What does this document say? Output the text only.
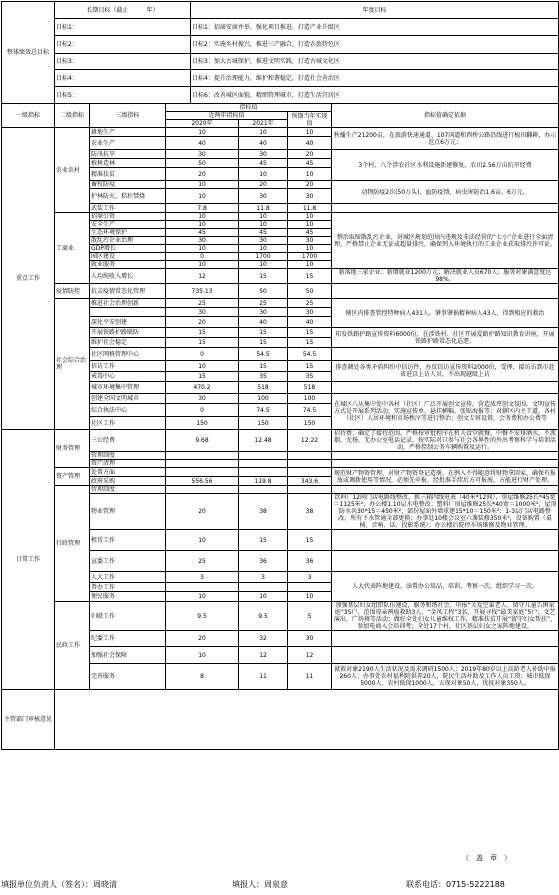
整体绩效总目标	长期目标（截止　　　年）			年度目标			
	目标1：			目标1：招商安商并举，强化项目推进，打造产业升级区			
	目标2：			目标2：实施乡村振兴，推进三产融合，打造农旅特色区			
	目标3：			目标3：加大古城保护，推进文明实践，打造古城文化区			
	目标4：			目标4：提升治理能力，维护和谐稳定，打造社会善治区			
	目标5：			目标6：改善城区面貌，精细管理城市，打造生活宜居区			
一级指标	二级指标	三级指标	指标值				指标值确定依据
			近两年指标值			预期当年实现值	
			2020年		2021年		
重点工作	农业农村	耕地生产	10		10	10	秋播生产21200亩，在旅游快速通道、107国道和西桥公路沿线进行植田翻耕，办示范点6万元；
		农业生产	40		40	40	
		防汛抗旱	30		30	20	3个村、八个涉农社区水利设施新建修复，农田2.56万亩抗旱经费
		植树造林	50		45	45	
		精准扶贫	20		10	10	
		畜牧防疫	10		20	20	动物防疫2次(50万头)，血防疫情，病虫害防治1.6亩，6万元。
		护林防火、秸秆禁烧	10		30	30	
		武装工作	7.8		11.8	11.8	
	工商业	招商引资	10		10	10	整治取缔散乱污企业，对城区规划范围内违规及非法经营的“七小”企业进行全面清理，严格禁止企业无证或超量排污，确保列入环境执行的工业企业获取排污许可证。
		安全生产	10		10	10	
		生态环境保护	45		45	45	
		散乱污企业治理	30		30	30	
		GDP增长	10		10	10	
		园区建设	0		1700	1700	
		就业服务	10		10	10	
		人均纯收入增长	12		15	15	新落地三家企业；新增就业1200万元；解决就业人员670人；服务对象满意度达98%。
	疫情防控	抗击疫情常态化管理	735.13		50	50	
	社会综合治理	推进社会治理创新	25		25	25	辖区内排查管控特种病人431人，肇事肇祸精神病人43人，得到相应的救治
			30		30	30	
		深化平安创建	20		40	40	
		开展铁路护路联防	15		15	15	印发铁路护路宣传资料6000份，在涉铁村、社区开展爱路护路知识教育讲座，开展铁路护路常态化巡逻。
		维护社会稳定	15		15	15	
		社区网格管理中心	0		54.5	54.5	
		信访工作	10		15	15	排查调处各类矛盾纠纷中信访件，办反信访宣传资料2000份，受理、接访访到市赴省进京上访人员，不出现越级上访
		戒毒中心	15		35	35	
		城市环境集中管理	470.2		518	518	
		创建全国文明城市	30		100	100	在城区八从集中处中各村（社区）广泛开展创文宣传，营造浓厚创文氛围。文明宣传方式是开展系列活动，实施宣传单、悬挂横幅、张贴海报等；对辖区内主干道、各村（社区）人居环境和市场秩序等进行整治；创文专班设置，会务费和办公费等
		综合执法中心	0		74.5	74.5	
		社区工作	150		150	150	
日常工作	财务管理	三公经费	9.68		12.48	12.22	招待费：确定了接待范围，严格按审批程序在机关食堂就餐，中餐不安排酒水，不派烟，无扬，无办公室电话记录，按实际对口参与社会各界性的外出考察科学与培训活动，严格控制公务车辆购置及运行。
		管理制度					
		资产清理					
	资产管理	处置方面					规范财产物资管理，对财产物资登记造册，在例入不得随意将财物拿回家，确保有报废或调拨使用等情况，必须先申报，经批准手续后方可报废，方能进行财产处理。
		政府采购	556.56		119.8	343.6	
	行政管理	管理制度					
		物业管理	20		38	38	饮料厂12间门店电路线整改，换三箱四线电表（40米*12间），房屋维修25长*45宽＝1125米²；办公楼1.10层水电整改；塑料厂房屋维修25长*40宽＝1000米²，屋顶防水共30*15＝450米²，部份屋面外墙重建15*10＝150米²；1-3层门店电路整改，所有下水管通全部更换；办事处10楼会议室六盏装修350米²，设备购置（桌椅、音响、话、投影系统）；办公楼后院停车场维修及物业管理。
		租赁工作	10		15	15	
		宣委工作	25		36	36	
		人大工作	3		3	3	人大代表阵地建设，添置办公用品、培训、考察一次，组织学习一次。
		普办工作					
		便民服务	10		10	10	
	民政工作	妇联工作	9.5		9.5	5	加强基层妇女组织队伍建设，服务和谐社会、申报“关爱空巢老人、留守儿童告困家庭”35户，范围母亲两癌救助3人，“金凤工程”3名，开展寻找“最美家庭”5户；文艺演出，广场舞等活动；做好全处妇女儿童维权工作，精准扶贫开展“留守妇女帮扶”，参加电商入会培训考；全处17个村，社区基层妇女之家阵地建设。
		纪委工作	20		32	30	
		加强社会保障	10		12	12	
		完善服务	8		11	11	就救对象2190人生活状况及需求调研1500人；2019年80岁以上高龄老人补助申报260人；办事处农村福利院供养20人，院民生活补助及工作人员工资；城市低保5000人、农村低保1000人，五保对象50人，优抚对象350人。
主管部门审核意见							
（　盖　章　）
填报单位负责人（签名）：周晓清	填报人：周泉意	联系电话：0715-5222188
